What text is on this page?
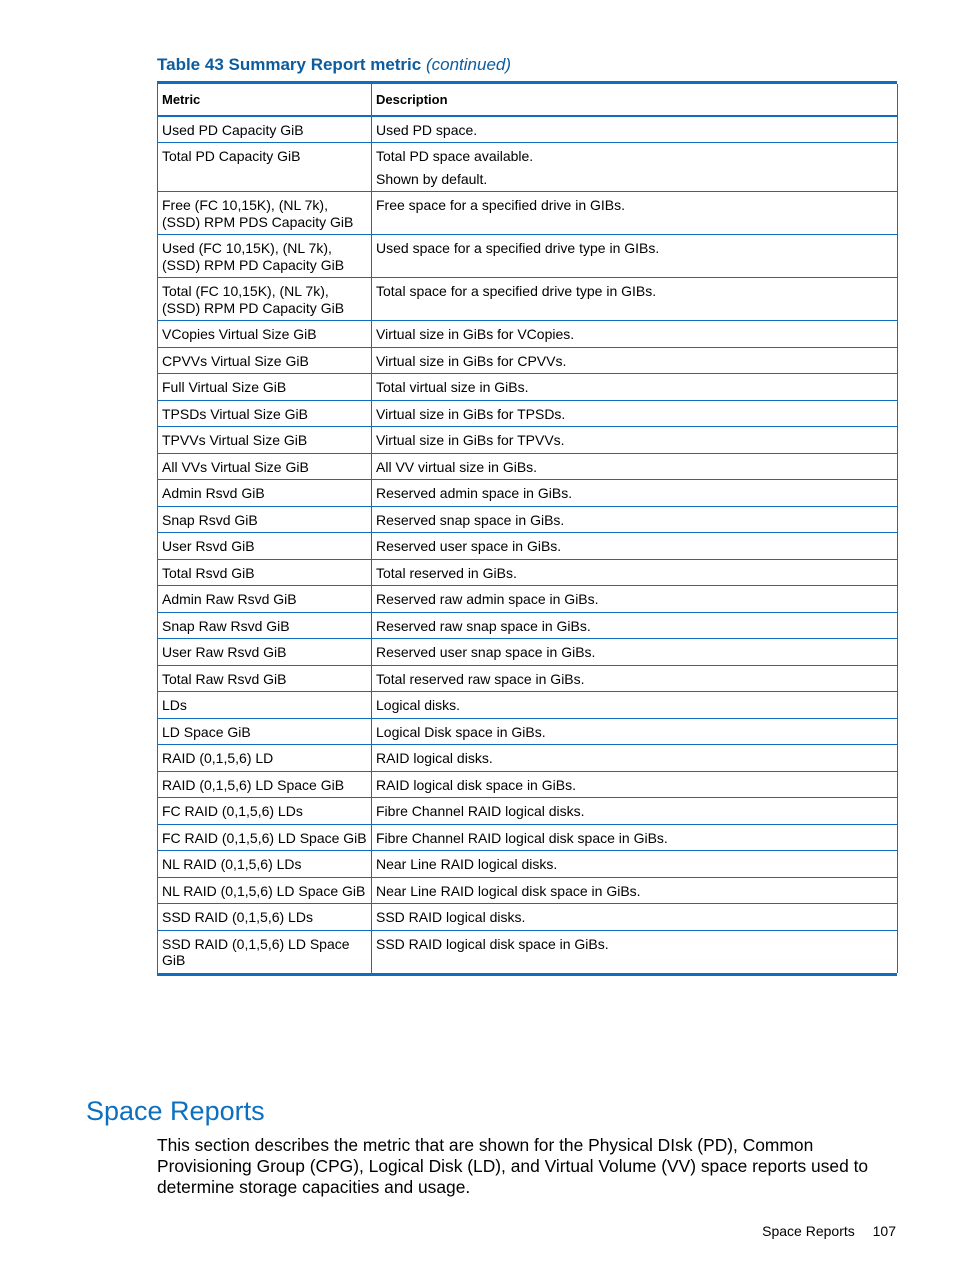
Table 43 Summary Report metric (continued)
Metric	Description
Used PD Capacity GiB	Used PD space.

Total PD Capacity GiB	Total PD space available.
Shown by default.

Free (FC 10,15K), (NL 7k), (SSD) RPM PDS Capacity GiB	Free space for a specified drive in GIBs.

Used (FC 10,15K), (NL 7k), (SSD) RPM PD Capacity GiB	Used space for a specified drive type in GIBs.

Total (FC 10,15K), (NL 7k), (SSD) RPM PD Capacity GiB	Total space for a specified drive type in GIBs.

VCopies Virtual Size GiB	Virtual size in GiBs for VCopies.

CPVVs Virtual Size GiB	Virtual size in GiBs for CPVVs.

Full Virtual Size GiB	Total virtual size in GiBs.

TPSDs Virtual Size GiB	Virtual size in GiBs for TPSDs.

TPVVs Virtual Size GiB	Virtual size in GiBs for TPVVs.

All VVs Virtual Size GiB	All VV virtual size in GiBs.

Admin Rsvd GiB	Reserved admin space in GiBs.

Snap Rsvd GiB	Reserved snap space in GiBs.

User Rsvd GiB	Reserved user space in GiBs.

Total Rsvd GiB	Total reserved in GiBs.

Admin Raw Rsvd GiB	Reserved raw admin space in GiBs.

Snap Raw Rsvd GiB	Reserved raw snap space in GiBs.

User Raw Rsvd GiB	Reserved user snap space in GiBs.

Total Raw Rsvd GiB	Total reserved raw space in GiBs.

LDs	Logical disks.

LD Space GiB	Logical Disk space in GiBs.

RAID (0,1,5,6) LD	RAID logical disks.

RAID (0,1,5,6) LD Space GiB	RAID logical disk space in GiBs.

FC RAID (0,1,5,6) LDs	Fibre Channel RAID logical disks.

FC RAID (0,1,5,6) LD Space GiB	Fibre Channel RAID logical disk space in GiBs.

NL RAID (0,1,5,6) LDs	Near Line RAID logical disks.

NL RAID (0,1,5,6) LD Space GiB	Near Line RAID logical disk space in GiBs.

SSD RAID (0,1,5,6) LDs	SSD RAID logical disks.

SSD RAID (0,1,5,6) LD Space GiB	SSD RAID logical disk space in GiBs.
Space Reports

This section describes the metric that are shown for the Physical DIsk (PD), Common Provisioning Group (CPG), Logical Disk (LD), and Virtual Volume (VV) space reports used to determine storage capacities and usage.

Space Reports 107
